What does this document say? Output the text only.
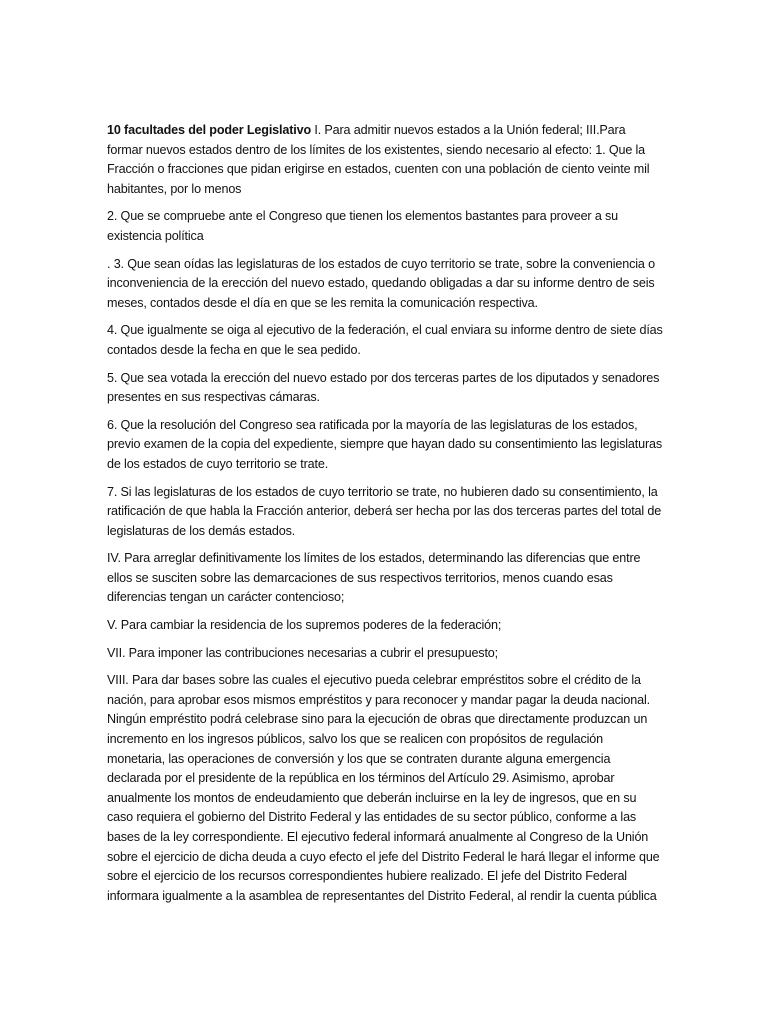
10 facultades del poder Legislativo I. Para admitir nuevos estados a la Unión federal; III.Para formar nuevos estados dentro de los límites de los existentes, siendo necesario al efecto: 1. Que la Fracción o fracciones que pidan erigirse en estados, cuenten con una población de ciento veinte mil habitantes, por lo menos

2. Que se compruebe ante el Congreso que tienen los elementos bastantes para proveer a su existencia política

. 3. Que sean oídas las legislaturas de los estados de cuyo territorio se trate, sobre la conveniencia o inconveniencia de la erección del nuevo estado, quedando obligadas a dar su informe dentro de seis meses, contados desde el día en que se les remita la comunicación respectiva.

4. Que igualmente se oiga al ejecutivo de la federación, el cual enviara su informe dentro de siete días contados desde la fecha en que le sea pedido.

5. Que sea votada la erección del nuevo estado por dos terceras partes de los diputados y senadores presentes en sus respectivas cámaras.

6. Que la resolución del Congreso sea ratificada por la mayoría de las legislaturas de los estados, previo examen de la copia del expediente, siempre que hayan dado su consentimiento las legislaturas de los estados de cuyo territorio se trate.

7. Si las legislaturas de los estados de cuyo territorio se trate, no hubieren dado su consentimiento, la ratificación de que habla la Fracción anterior, deberá ser hecha por las dos terceras partes del total de legislaturas de los demás estados.

IV. Para arreglar definitivamente los límites de los estados, determinando las diferencias que entre ellos se susciten sobre las demarcaciones de sus respectivos territorios, menos cuando esas diferencias tengan un carácter contencioso;

V. Para cambiar la residencia de los supremos poderes de la federación;

VII. Para imponer las contribuciones necesarias a cubrir el presupuesto;

VIII. Para dar bases sobre las cuales el ejecutivo pueda celebrar empréstitos sobre el crédito de la nación, para aprobar esos mismos empréstitos y para reconocer y mandar pagar la deuda nacional. Ningún empréstito podrá celebrase sino para la ejecución de obras que directamente produzcan un incremento en los ingresos públicos, salvo los que se realicen con propósitos de regulación monetaria, las operaciones de conversión y los que se contraten durante alguna emergencia declarada por el presidente de la república en los términos del Artículo 29. Asimismo, aprobar anualmente los montos de endeudamiento que deberán incluirse en la ley de ingresos, que en su caso requiera el gobierno del Distrito Federal y las entidades de su sector público, conforme a las bases de la ley correspondiente. El ejecutivo federal informará anualmente al Congreso de la Unión sobre el ejercicio de dicha deuda a cuyo efecto el jefe del Distrito Federal le hará llegar el informe que sobre el ejercicio de los recursos correspondientes hubiere realizado. El jefe del Distrito Federal informara igualmente a la asamblea de representantes del Distrito Federal, al rendir la cuenta pública
